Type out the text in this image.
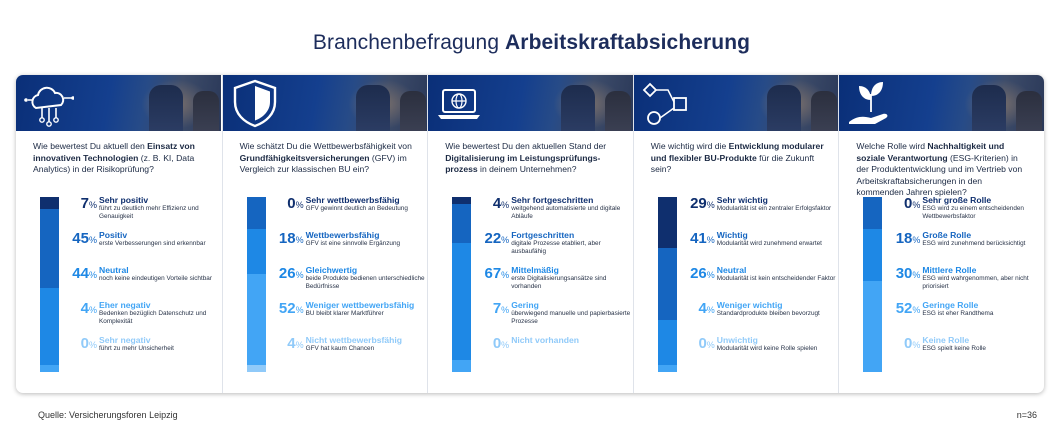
Branchenbefragung Arbeitskraftabsicherung
Wie bewertest Du aktuell den Einsatz von innovativen Technologien (z. B. KI, Data Analytics) in der Risikoprüfung?
7% Sehr positiv
führt zu deutlich mehr Effizienz und Genauigkeit
45% Positiv
erste Verbesserungen sind erkennbar
44% Neutral
noch keine eindeutigen Vorteile sichtbar
4% Eher negativ
Bedenken bezüglich Datenschutz und Komplexität
0% Sehr negativ
führt zu mehr Unsicherheit
Wie schätzt Du die Wettbewerbsfähigkeit von Grundfähigkeitsversicherungen (GFV) im Vergleich zur klassischen BU ein?
0% Sehr wettbewerbsfähig
GFV gewinnt deutlich an Bedeutung
18% Wettbewerbsfähig
GFV ist eine sinnvolle Ergänzung
26% Gleichwertig
beide Produkte bedienen unterschiedliche Bedürfnisse
52% Weniger wettbewerbsfähig
BU bleibt klarer Marktführer
4% Nicht wettbewerbsfähig
GFV hat kaum Chancen
Wie bewertest Du den aktuellen Stand der Digitalisierung im Leistungsprüfungsprozess in deinem Unternehmen?
4% Sehr fortgeschritten
weitgehend automatisierte und digitale Abläufe
22% Fortgeschritten
digitale Prozesse etabliert, aber ausbaufähig
67% Mittelmäßig
erste Digitalisierungsansätze sind vorhanden
7% Gering
überwiegend manuelle und papierbasierte Prozesse
0% Nicht vorhanden
Wie wichtig wird die Entwicklung modularer und flexibler BU-Produkte für die Zukunft sein?
29% Sehr wichtig
Modularität ist ein zentraler Erfolgsfaktor
41% Wichtig
Modularität wird zunehmend erwartet
26% Neutral
Modularität ist kein entscheidender Faktor
4% Weniger wichtig
Standardprodukte bleiben bevorzugt
0% Unwichtig
Modularität wird keine Rolle spielen
Welche Rolle wird Nachhaltigkeit und soziale Verantwortung (ESG-Kriterien) in der Produktentwicklung und im Vertrieb von Arbeitskraftabsicherungen in den kommenden Jahren spielen?
0% Sehr große Rolle
ESG wird zu einem entscheidenden Wettbewerbsfaktor
18% Große Rolle
ESG wird zunehmend berücksichtigt
30% Mittlere Rolle
ESG wird wahrgenommen, aber nicht priorisiert
52% Geringe Rolle
ESG ist eher Randthema
0% Keine Rolle
ESG spielt keine Rolle
Quelle: Versicherungsforen Leipzig	n=36
